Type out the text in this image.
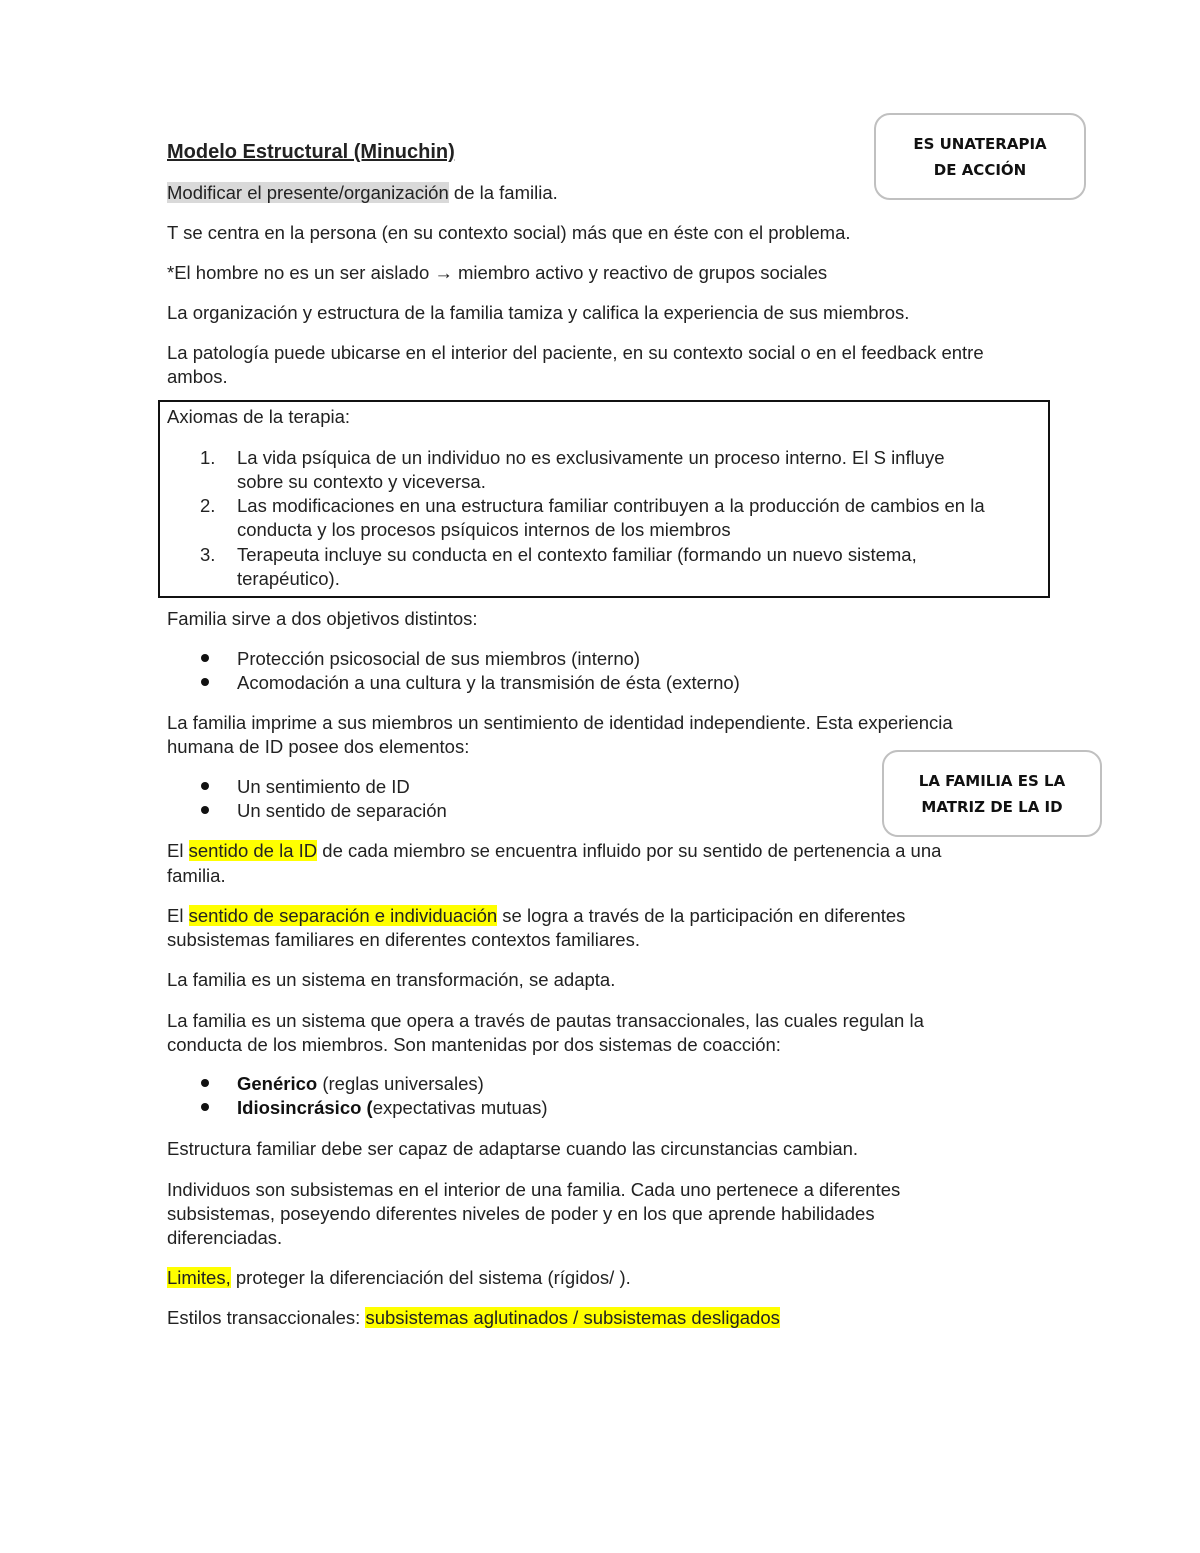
Modelo Estructural (Minuchin)	ES UNATERAPIA
DE ACCIÓN
Modificar el presente/organización de la familia.
T se centra en la persona (en su contexto social) más que en éste con el problema.
*El hombre no es un ser aislado → miembro activo y reactivo de grupos sociales
La organización y estructura de la familia tamiza y califica la experiencia de sus miembros.
La patología puede ubicarse en el interior del paciente, en su contexto social o en el feedback entre
ambos.
Axiomas de la terapia:
1. La vida psíquica de un individuo no es exclusivamente un proceso interno. El S influye
sobre su contexto y viceversa.
2. Las modificaciones en una estructura familiar contribuyen a la producción de cambios en la
conducta y los procesos psíquicos internos de los miembros
3. Terapeuta incluye su conducta en el contexto familiar (formando un nuevo sistema,
terapéutico).
Familia sirve a dos objetivos distintos:
Protección psicosocial de sus miembros (interno)
Acomodación a una cultura y la transmisión de ésta (externo)
La familia imprime a sus miembros un sentimiento de identidad independiente. Esta experiencia
humana de ID posee dos elementos:
LA FAMILIA ES LA
MATRIZ DE LA ID
Un sentimiento de ID
Un sentido de separación
El sentido de la ID de cada miembro se encuentra influido por su sentido de pertenencia a una
familia.
El sentido de separación e individuación se logra a través de la participación en diferentes
subsistemas familiares en diferentes contextos familiares.
La familia es un sistema en transformación, se adapta.
La familia es un sistema que opera a través de pautas transaccionales, las cuales regulan la
conducta de los miembros. Son mantenidas por dos sistemas de coacción:
Genérico (reglas universales)
Idiosincrásico (expectativas mutuas)
Estructura familiar debe ser capaz de adaptarse cuando las circunstancias cambian.
Individuos son subsistemas en el interior de una familia. Cada uno pertenece a diferentes
subsistemas, poseyendo diferentes niveles de poder y en los que aprende habilidades
diferenciadas.
Limites, proteger la diferenciación del sistema (rígidos/ ).
Estilos transaccionales: subsistemas aglutinados / subsistemas desligados
